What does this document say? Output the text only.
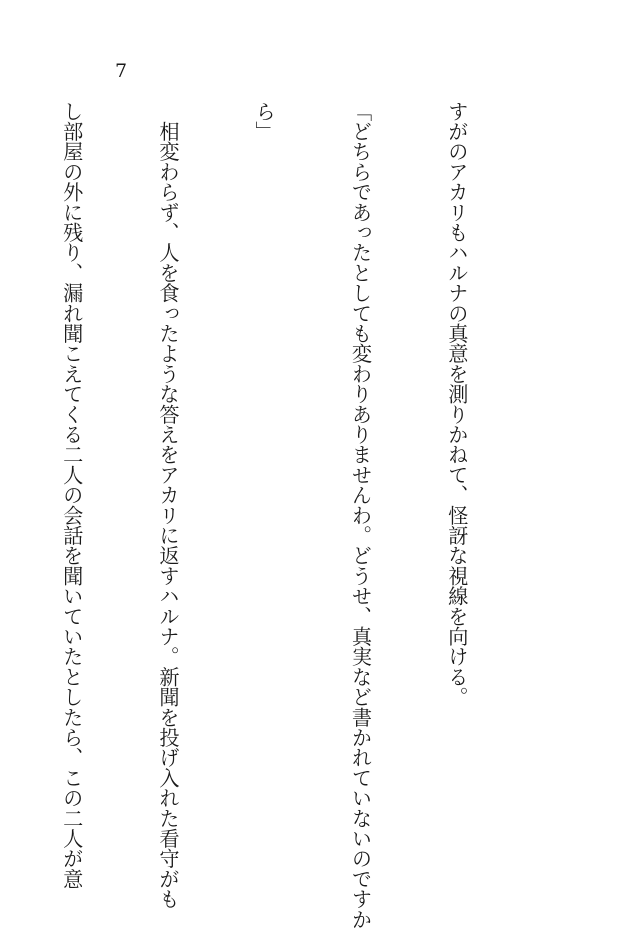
7

すがのアカリもハルナの真意を測りかねて、怪訝な視線を向ける。

「どちらであったとしても変わりありませんわ。どうせ、真実など書かれていないのですか

ら」

　相変わらず、人を食ったような答えをアカリに返すハルナ。新聞を投げ入れた看守がも

し部屋の外に残り、漏れ聞こえてくる二人の会話を聞いていたとしたら、この二人が意
